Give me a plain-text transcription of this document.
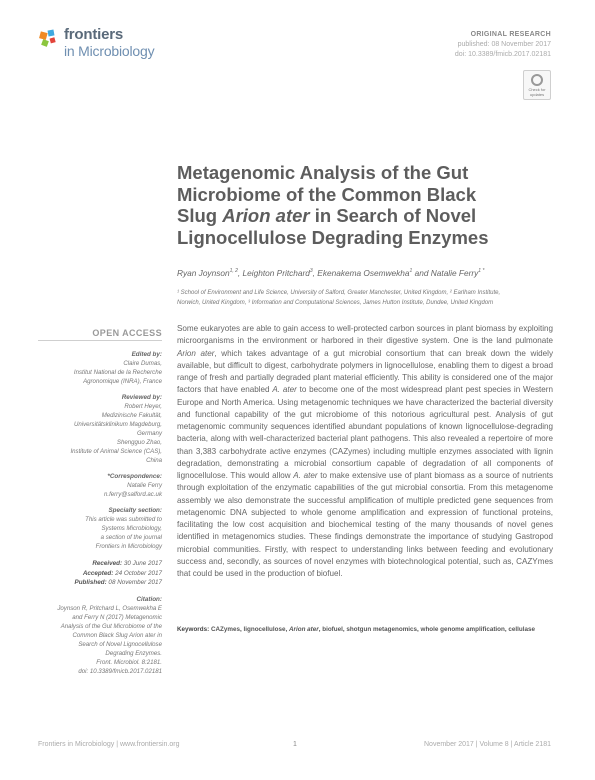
frontiers
in Microbiology
ORIGINAL RESEARCH
published: 08 November 2017
doi: 10.3389/fmicb.2017.02181
Check for updates
Metagenomic Analysis of the Gut
Microbiome of the Common Black
Slug Arion ater in Search of Novel
Lignocellulose Degrading Enzymes
Ryan Joynson$^{1, 2}$, Leighton Pritchard$^3$, Ekenakema Osemwekha$^1$ and Natalie Ferry$^{1 *}$
¹ School of Environment and Life Science, University of Salford, Greater Manchester, United Kingdom, ² Earlham Institute,
Norwich, United Kingdom, ³ Information and Computational Sciences, James Hutton Institute, Dundee, United Kingdom
OPEN ACCESS
Edited by:
Claire Dumas,
Institut National de la Recherche
Agronomique (INRA), France
Reviewed by:
Robert Heyer,
Medizinische Fakultät,
Universitätsklinikum Magdeburg,
Germany
Shengguo Zhao,
Institute of Animal Science (CAS),
China
*Correspondence:
Natalie Ferry
n.ferry@salford.ac.uk
Specialty section:
This article was submitted to
Systems Microbiology,
a section of the journal
Frontiers in Microbiology
Received: 30 June 2017
Accepted: 24 October 2017
Published: 08 November 2017
Citation:
Joynson R, Pritchard L, Osemwekha E
and Ferry N (2017) Metagenomic
Analysis of the Gut Microbiome of the
Common Black Slug Arion ater in
Search of Novel Lignocellulose
Degrading Enzymes.
Front. Microbiol. 8:2181.
doi: 10.3389/fmicb.2017.02181
Some eukaryotes are able to gain access to well-protected carbon sources in plant biomass by exploiting microorganisms in the environment or harbored in their digestive system. One is the land pulmonate Arion ater, which takes advantage of a gut microbial consortium that can break down the widely available, but difficult to digest, carbohydrate polymers in lignocellulose, enabling them to digest a broad range of fresh and partially degraded plant material efficiently. This ability is considered one of the major factors that have enabled A. ater to become one of the most widespread plant pest species in Western Europe and North America. Using metagenomic techniques we have characterized the bacterial diversity and functional capability of the gut microbiome of this notorious agricultural pest. Analysis of gut metagenomic community sequences identified abundant populations of known lignocellulose-degrading bacteria, along with well-characterized bacterial plant pathogens. This also revealed a repertoire of more than 3,383 carbohydrate active enzymes (CAZymes) including multiple enzymes associated with lignin degradation, demonstrating a microbial consortium capable of degradation of all components of lignocellulose. This would allow A. ater to make extensive use of plant biomass as a source of nutrients through exploitation of the enzymatic capabilities of the gut microbial consortia. From this metagenome assembly we also demonstrate the successful amplification of multiple predicted gene sequences from metagenomic DNA subjected to whole genome amplification and expression of functional proteins, facilitating the low cost acquisition and biochemical testing of the many thousands of novel genes identified in metagenomics studies. These findings demonstrate the importance of studying Gastropod microbial communities. Firstly, with respect to understanding links between feeding and evolutionary success and, secondly, as sources of novel enzymes with biotechnological potential, such as, CAZYmes that could be used in the production of biofuel.
Keywords: CAZymes, lignocellulose, Arion ater, biofuel, shotgun metagenomics, whole genome amplification, cellulase
Frontiers in Microbiology | www.frontiersin.org	1	November 2017 | Volume 8 | Article 2181
